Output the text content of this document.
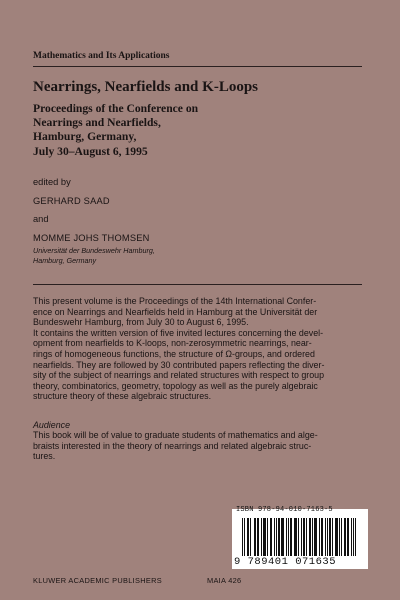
Mathematics and Its Applications
Nearrings, Nearfields and K-Loops
Proceedings of the Conference on
Nearrings and Nearfields,
Hamburg, Germany,
July 30–August 6, 1995
edited by
GERHARD SAAD
and
MOMME JOHS THOMSEN
Universität der Bundeswehr Hamburg,
Hamburg, Germany
This present volume is the Proceedings of the 14th International Confer-
ence on Nearrings and Nearfields held in Hamburg at the Universität der
Bundeswehr Hamburg, from July 30 to August 6, 1995.
It contains the written version of five invited lectures concerning the devel-
opment from nearfields to K-loops, non-zerosymmetric nearrings, near-
rings of homogeneous functions, the structure of Ω-groups, and ordered
nearfields. They are followed by 30 contributed papers reflecting the diver-
sity of the subject of nearrings and related structures with respect to group
theory, combinatorics, geometry, topology as well as the purely algebraic
structure theory of these algebraic structures.
Audience
This book will be of value to graduate students of mathematics and alge-
braists interested in the theory of nearrings and related algebraic struc-
tures.
ISBN 978-94-010-7163-5
9 789401 071635
KLUWER ACADEMIC PUBLISHERS	MAIA 426
